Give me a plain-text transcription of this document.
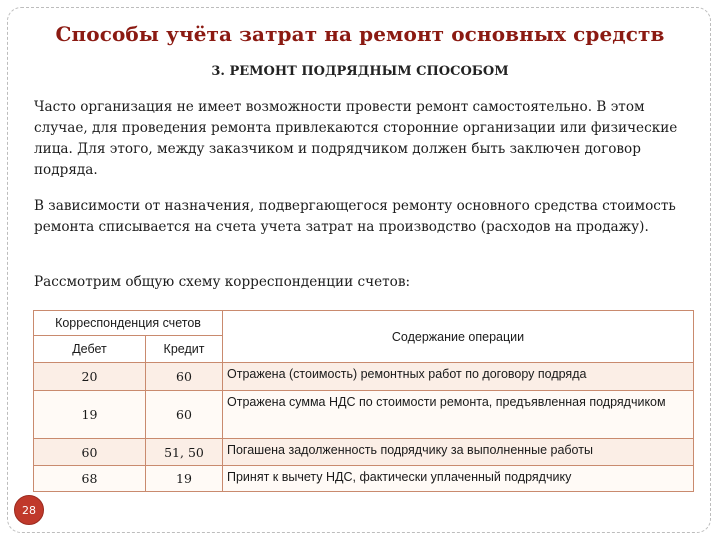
Способы учёта затрат на ремонт основных средств
3. РЕМОНТ ПОДРЯДНЫМ СПОСОБОМ
Часто организация не имеет возможности провести ремонт самостоятельно. В этом случае, для проведения ремонта привлекаются сторонние организации или физические лица. Для этого, между заказчиком и подрядчиком должен быть заключен договор подряда.
В зависимости от назначения, подвергающегося ремонту основного средства стоимость ремонта списывается на счета учета затрат на производство (расходов на продажу).
Рассмотрим общую схему корреспонденции счетов:
Корреспонденция счетов		Содержание операции
Дебет	Кредит	
20	60	Отражена (стоимость) ремонтных работ по договору подряда
19	60	Отражена сумма НДС по стоимости ремонта, предъявленная подрядчиком
60	51, 50	Погашена задолженность подрядчику за выполненные работы
68	19	Принят к вычету НДС, фактически уплаченный подрядчику
28
